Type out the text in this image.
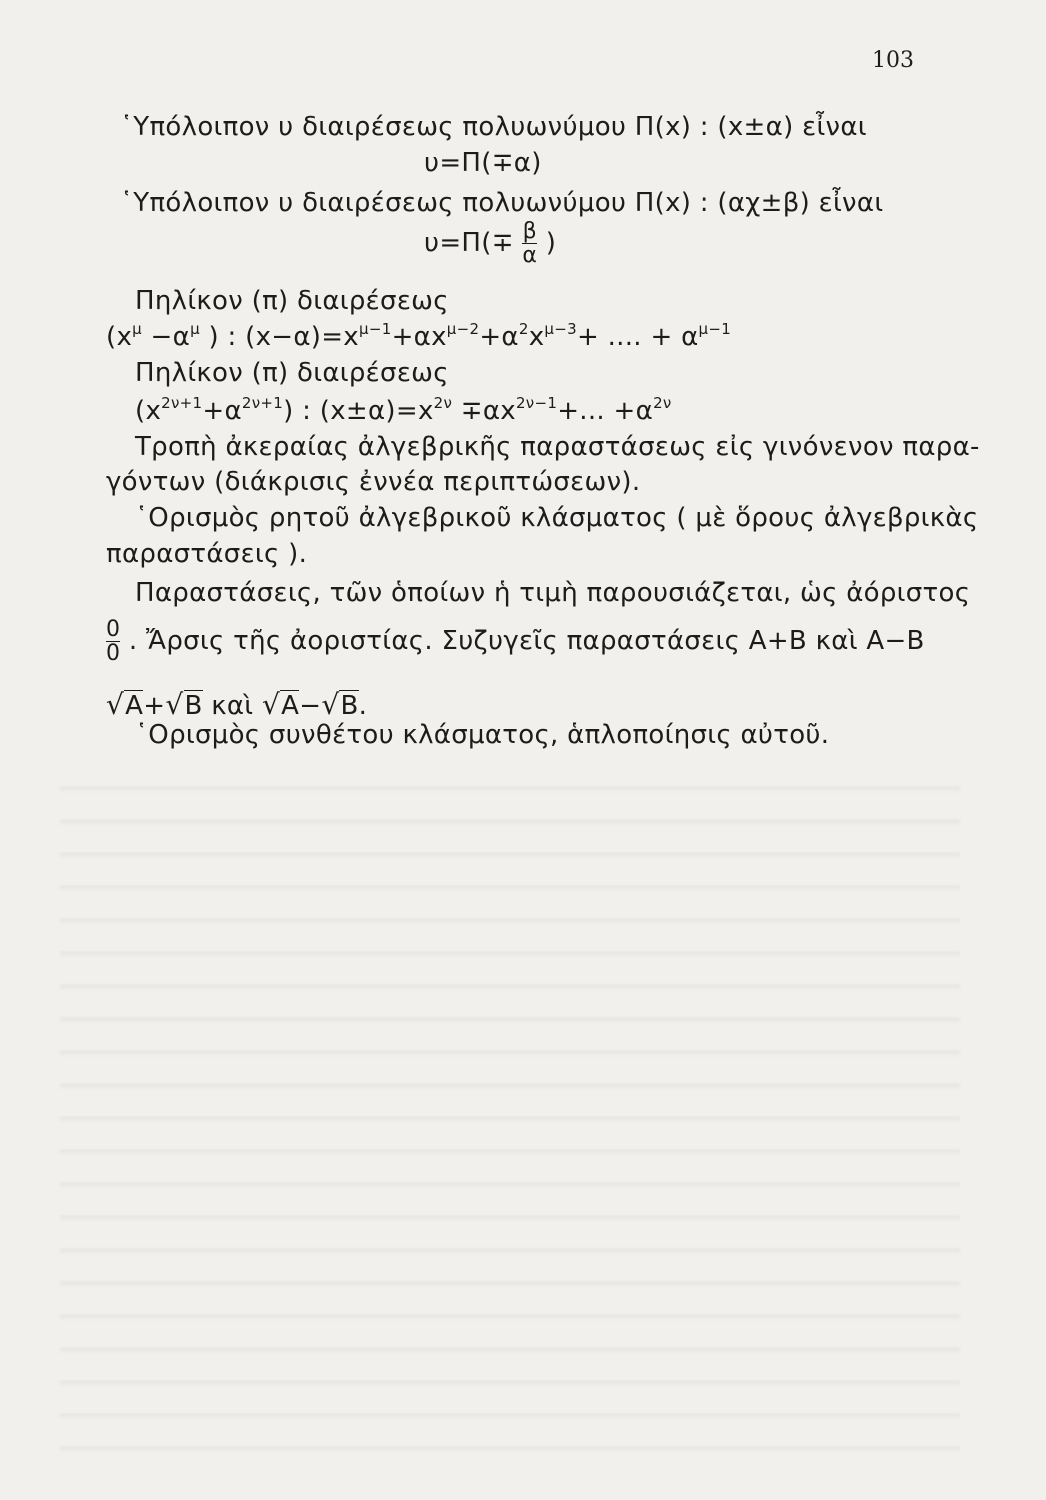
103
῾Υπόλοιπον υ διαιρέσεως πολυωνύμου Π(x) : (x±α) εἶναι
υ=Π(∓α)
῾Υπόλοιπον υ διαιρέσεως πολυωνύμου Π(x) : (αχ±β) εἶναι
$\upsilon=\Pi(\mp \frac{\beta}{\alpha}$ )
Πηλίκον (π) διαιρέσεως
($x^\mu -\alpha^\mu$ ) : $(x-\alpha)=x^{\mu-1}+\alpha x^{\mu-2}+\alpha^2x^{\mu-3}+$ .... + $\alpha^{\mu-1}$
Πηλίκον (π) διαιρέσεως
$(x^{2\nu+1}+\alpha^{2\nu+1})$ : $(x\pm\alpha)=x^{2\nu} \mp\alpha x^{2\nu-1}+$... $+\alpha^{2\nu}$
Τροπὴ ἀκεραίας ἀλγεβρικῆς παραστάσεως εἰς γινόνενον παρα-
γόντων (διάκρισις ἐννέα περιπτώσεων).
῾Ορισμὸς ρητοῦ ἀλγεβρικοῦ κλάσματος ( μὲ ὅρους ἀλγεβρικὰς
παραστάσεις ).
Παραστάσεις, τῶν ὁποίων ἡ τιμὴ παρουσιάζεται, ὡς ἀόριστος
$\frac{0}{0}$ . Ἄρσις τῆς ἀοριστίας. Συζυγεῖς παραστάσεις A+B καὶ A−B
√A+√B καὶ √A−√B.
῾Ορισμὸς συνθέτου κλάσματος, ἁπλοποίησις αὐτοῦ.
